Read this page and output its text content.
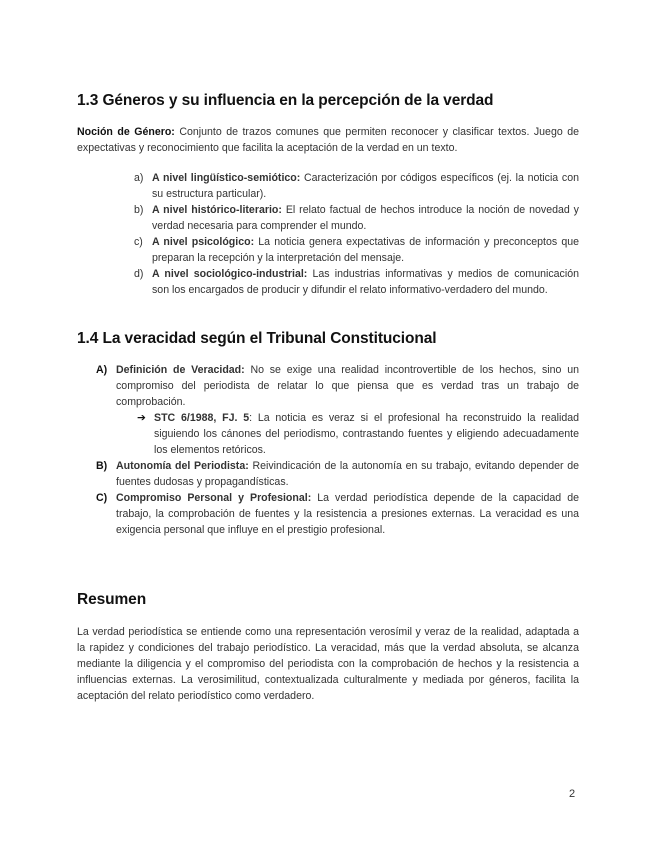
1.3 Géneros y su influencia en la percepción de la verdad

Noción de Género: Conjunto de trazos comunes que permiten reconocer y clasificar textos. Juego de expectativas y reconocimiento que facilita la aceptación de la verdad en un texto.

a) A nivel lingüístico-semiótico: Caracterización por códigos específicos (ej. la noticia con su estructura particular).
b) A nivel histórico-literario: El relato factual de hechos introduce la noción de novedad y verdad necesaria para comprender el mundo.
c) A nivel psicológico: La noticia genera expectativas de información y preconceptos que preparan la recepción y la interpretación del mensaje.
d) A nivel sociológico-industrial: Las industrias informativas y medios de comunicación son los encargados de producir y difundir el relato informativo-verdadero del mundo.
1.4 La veracidad según el Tribunal Constitucional
A) Definición de Veracidad: No se exige una realidad incontrovertible de los hechos, sino un compromiso del periodista de relatar lo que piensa que es verdad tras un trabajo de comprobación.
➔ STC 6/1988, FJ. 5: La noticia es veraz si el profesional ha reconstruido la realidad siguiendo los cánones del periodismo, contrastando fuentes y eligiendo adecuadamente los elementos retóricos.
B) Autonomía del Periodista: Reivindicación de la autonomía en su trabajo, evitando depender de fuentes dudosas y propagandísticas.
C) Compromiso Personal y Profesional: La verdad periodística depende de la capacidad de trabajo, la comprobación de fuentes y la resistencia a presiones externas. La veracidad es una exigencia personal que influye en el prestigio profesional.
Resumen

La verdad periodística se entiende como una representación verosímil y veraz de la realidad, adaptada a la rapidez y condiciones del trabajo periodístico. La veracidad, más que la verdad absoluta, se alcanza mediante la diligencia y el compromiso del periodista con la comprobación de hechos y la resistencia a influencias externas. La verosimilitud, contextualizada culturalmente y mediada por géneros, facilita la aceptación del relato periodístico como verdadero.

2
